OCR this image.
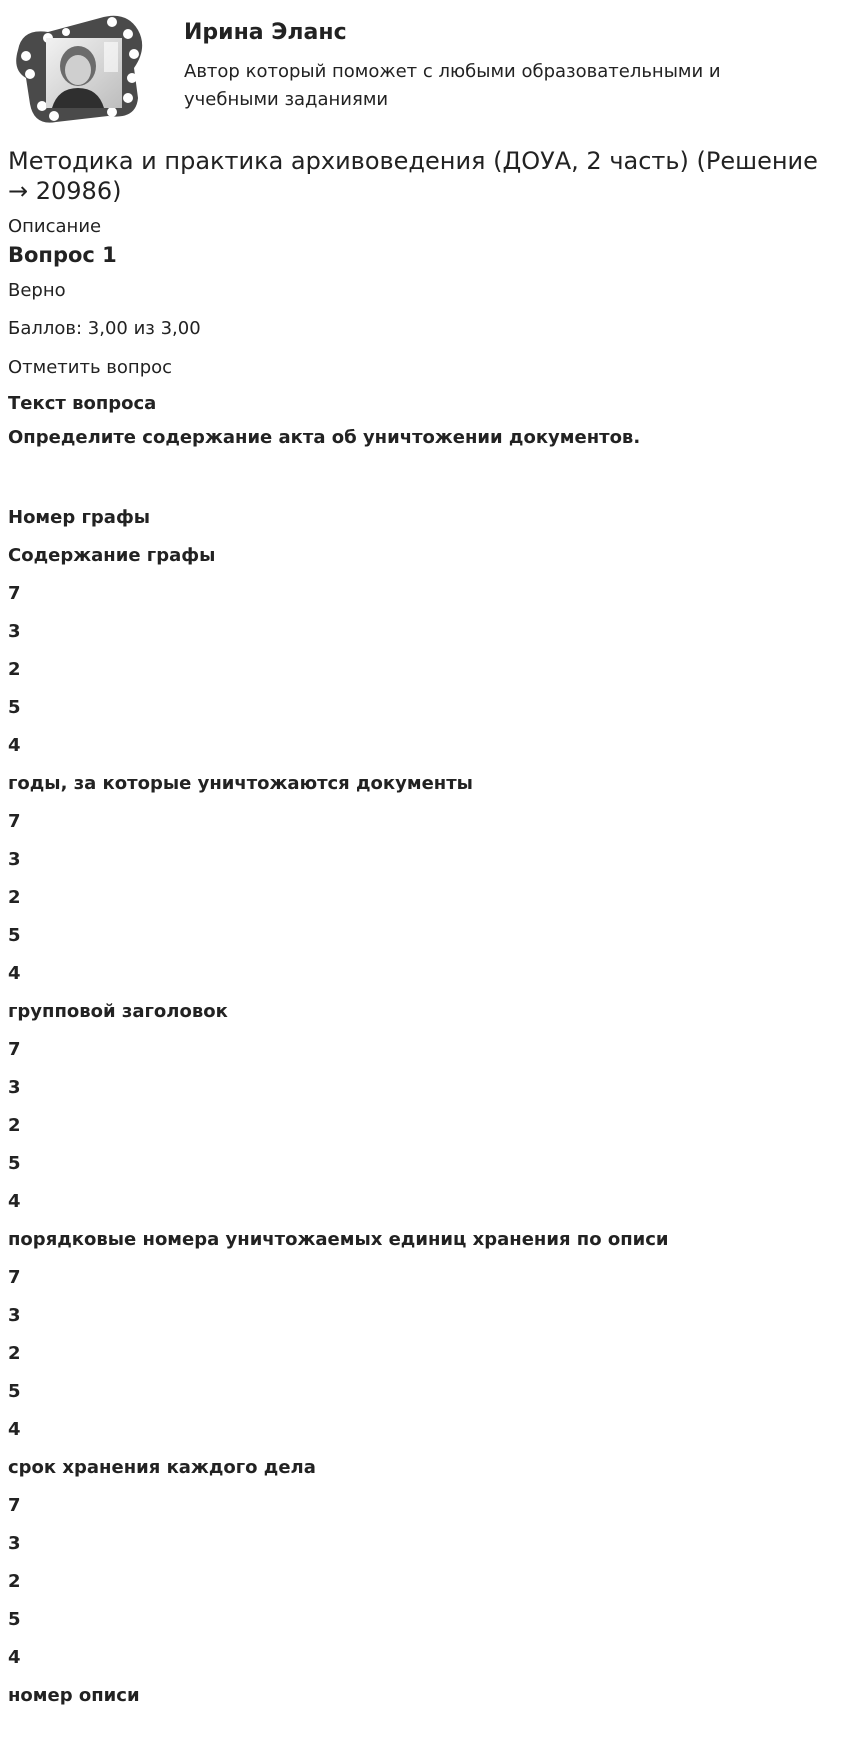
Ирина Эланс

Автор который поможет с любыми образовательными и учебными заданиями

Методика и практика архивоведения (ДОУА, 2 часть) (Решение → 20986)
Описание
Вопрос 1
Верно
Баллов: 3,00 из 3,00
Отметить вопрос
Текст вопроса
Определите содержание акта об уничтожении документов.
Номер графы
Содержание графы
7
3
2
5
4
годы, за которые уничтожаются документы
7
3
2
5
4
групповой заголовок
7
3
2
5
4
порядковые номера уничтожаемых единиц хранения по описи
7
3
2
5
4
срок хранения каждого дела
7
3
2
5
4
номер описи
